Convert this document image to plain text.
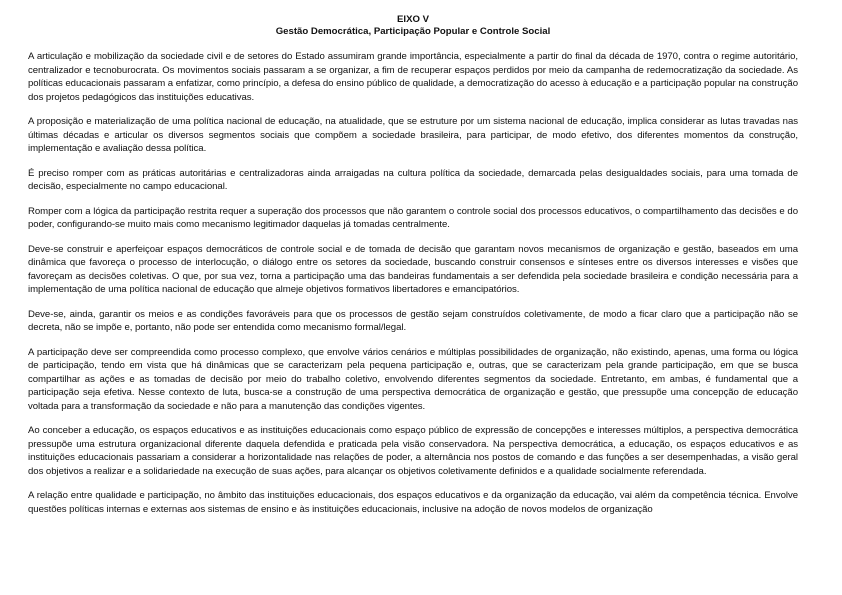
EIXO V

Gestão Democrática, Participação Popular e Controle Social

A articulação e mobilização da sociedade civil e de setores do Estado assumiram grande importância, especialmente a partir do final da década de 1970, contra o regime autoritário, centralizador e tecnoburocrata. Os movimentos sociais passaram a se organizar, a fim de recuperar espaços perdidos por meio da campanha de redemocratização da sociedade. As políticas educacionais passaram a enfatizar, como princípio, a defesa do ensino público de qualidade, a democratização do acesso à educação e a participação popular na construção dos projetos pedagógicos das instituições educativas.

A proposição e materialização de uma política nacional de educação, na atualidade, que se estruture por um sistema nacional de educação, implica considerar as lutas travadas nas últimas décadas e articular os diversos segmentos sociais que compõem a sociedade brasileira, para participar, de modo efetivo, dos diferentes momentos da construção, implementação e avaliação dessa política.

É preciso romper com as práticas autoritárias e centralizadoras ainda arraigadas na cultura política da sociedade, demarcada pelas desigualdades sociais, para uma tomada de decisão, especialmente no campo educacional.

Romper com a lógica da participação restrita requer a superação dos processos que não garantem o controle social dos processos educativos, o compartilhamento das decisões e do poder, configurando-se muito mais como mecanismo legitimador daquelas já tomadas centralmente.

Deve-se construir e aperfeiçoar espaços democráticos de controle social e de tomada de decisão que garantam novos mecanismos de organização e gestão, baseados em uma dinâmica que favoreça o processo de interlocução, o diálogo entre os setores da sociedade, buscando construir consensos e sínteses entre os diversos interesses e visões que favoreçam as decisões coletivas. O que, por sua vez, torna a participação uma das bandeiras fundamentais a ser defendida pela sociedade brasileira e condição necessária para a implementação de uma política nacional de educação que almeje objetivos formativos libertadores e emancipatórios.

Deve-se, ainda, garantir os meios e as condições favoráveis para que os processos de gestão sejam construídos coletivamente, de modo a ficar claro que a participação não se decreta, não se impõe e, portanto, não pode ser entendida como mecanismo formal/legal.

A participação deve ser compreendida como processo complexo, que envolve vários cenários e múltiplas possibilidades de organização, não existindo, apenas, uma forma ou lógica de participação, tendo em vista que há dinâmicas que se caracterizam pela pequena participação e, outras, que se caracterizam pela grande participação, em que se busca compartilhar as ações e as tomadas de decisão por meio do trabalho coletivo, envolvendo diferentes segmentos da sociedade. Entretanto, em ambas, é fundamental que a participação seja efetiva. Nesse contexto de luta, busca-se a construção de uma perspectiva democrática de organização e gestão, que pressupõe uma concepção de educação voltada para a transformação da sociedade e não para a manutenção das condições vigentes.

Ao conceber a educação, os espaços educativos e as instituições educacionais como espaço público de expressão de concepções e interesses múltiplos, a perspectiva democrática pressupõe uma estrutura organizacional diferente daquela defendida e praticada pela visão conservadora. Na perspectiva democrática, a educação, os espaços educativos e as instituições educacionais passariam a considerar a horizontalidade nas relações de poder, a alternância nos postos de comando e das funções a ser desempenhadas, a visão geral dos objetivos a realizar e a solidariedade na execução de suas ações, para alcançar os objetivos coletivamente definidos e a qualidade socialmente referendada.

A relação entre qualidade e participação, no âmbito das instituições educacionais, dos espaços educativos e da organização da educação, vai além da competência técnica. Envolve questões políticas internas e externas aos sistemas de ensino e às instituições educacionais, inclusive na adoção de novos modelos de organização
